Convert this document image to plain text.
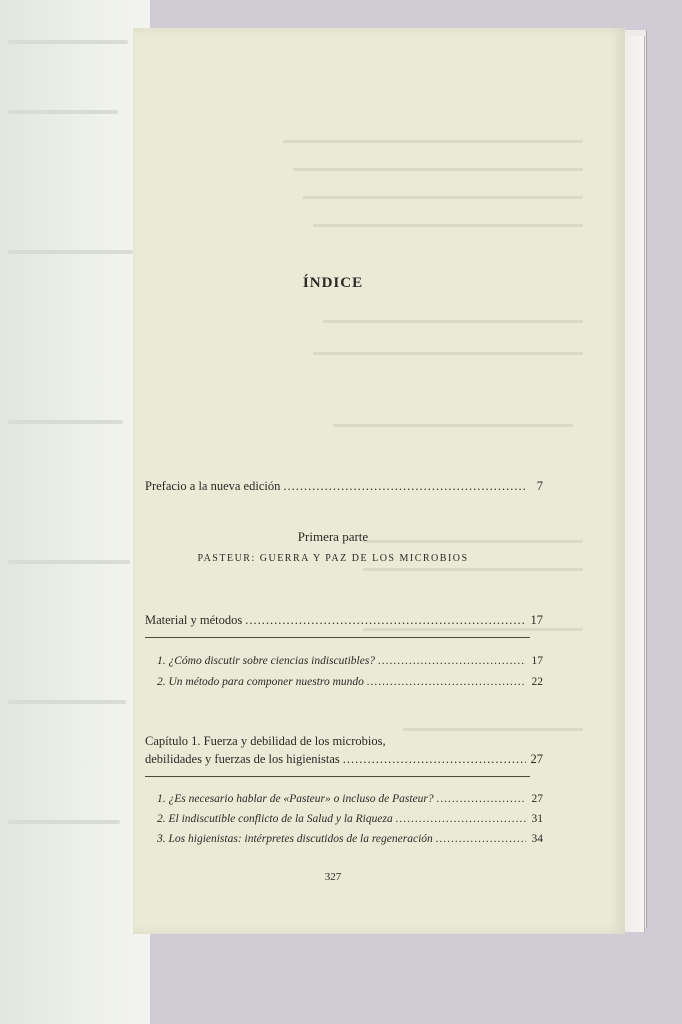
ÍNDICE
Prefacio a la nueva edición .....	7
Primera parte
PASTEUR: GUERRA Y PAZ DE LOS MICROBIOS
Material y métodos .....	17
1. ¿Cómo discutir sobre ciencias indiscutibles? .....	17
2. Un método para componer nuestro mundo .....	22
Capítulo 1. Fuerza y debilidad de los microbios,
debilidades y fuerzas de los higienistas .....	27
1. ¿Es necesario hablar de «Pasteur» o incluso de Pasteur? .....	27
2. El indiscutible conflicto de la Salud y la Riqueza .....	31
3. Los higienistas: intérpretes discutidos de la regeneración .....	34
327
